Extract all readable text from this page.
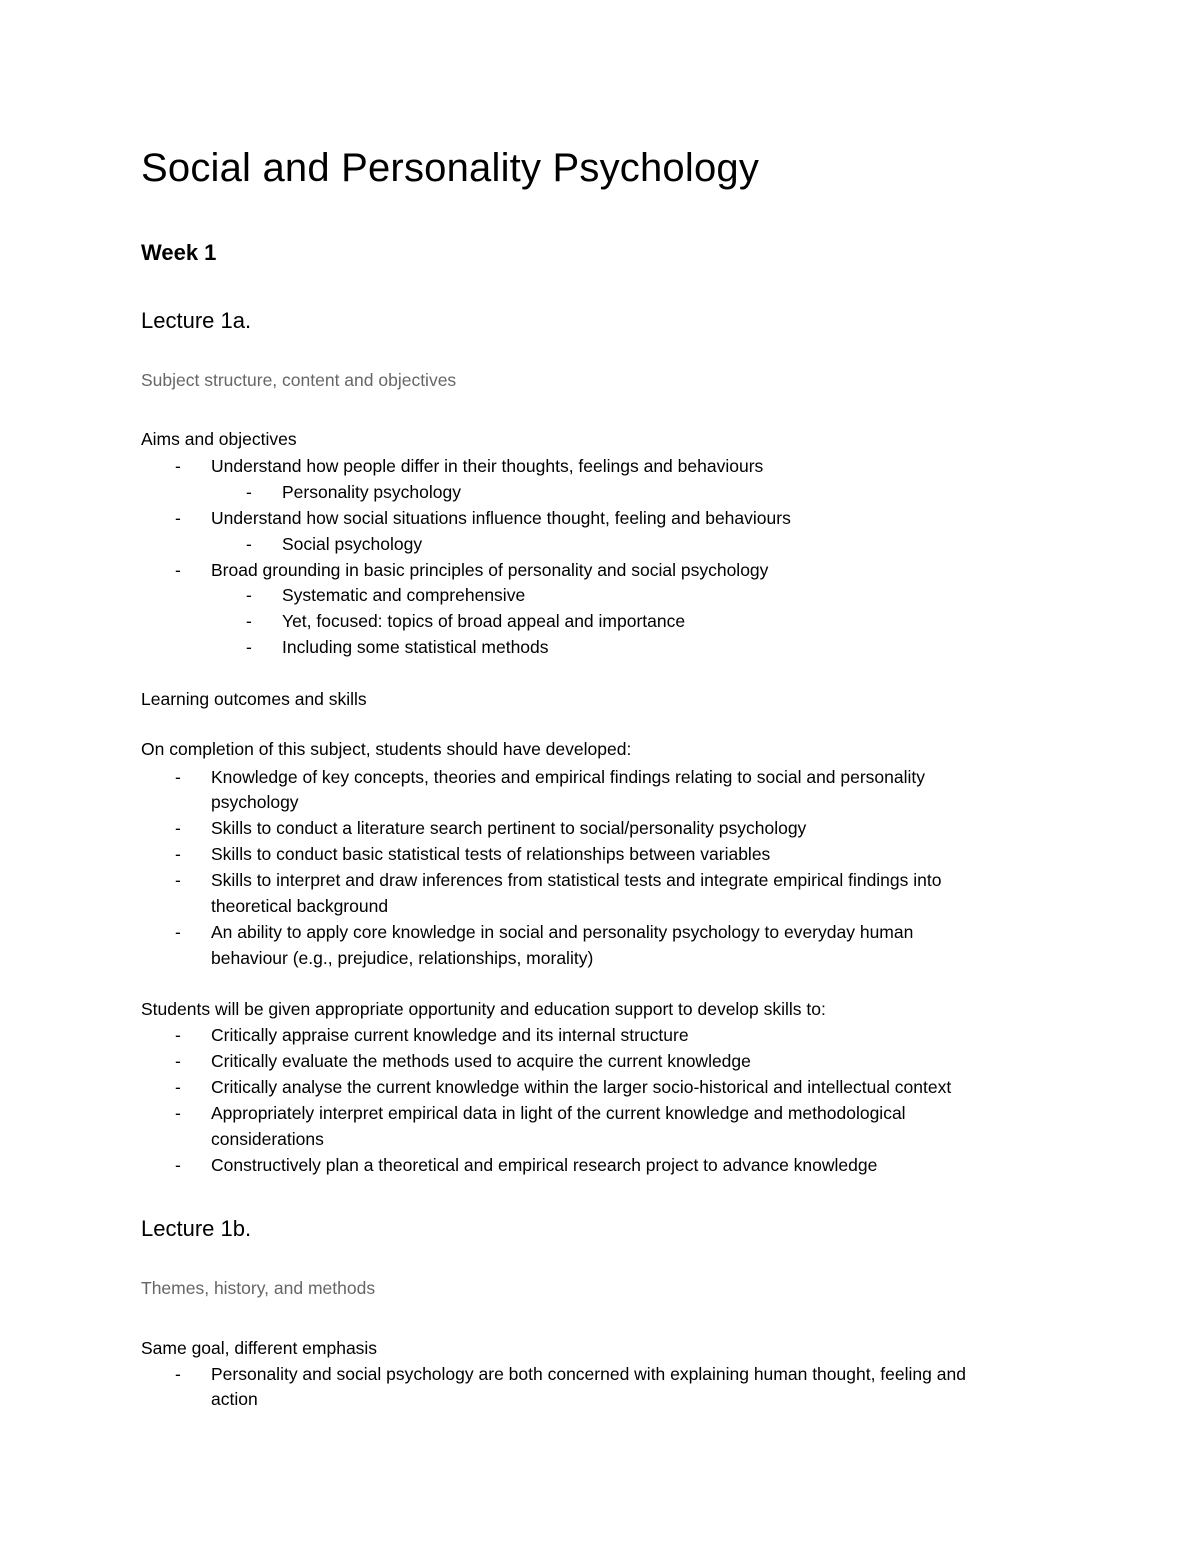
Social and Personality Psychology
Week 1
Lecture 1a.

Subject structure, content and objectives

Aims and objectives

-	Understand how people differ in their thoughts, feelings and behaviours
-	Personality psychology
-	Understand how social situations influence thought, feeling and behaviours
-	Social psychology
-	Broad grounding in basic principles of personality and social psychology
-	Systematic and comprehensive
-	Yet, focused: topics of broad appeal and importance
-	Including some statistical methods

Learning outcomes and skills

On completion of this subject, students should have developed:

-	Knowledge of key concepts, theories and empirical findings relating to social and personality
psychology
-	Skills to conduct a literature search pertinent to social/personality psychology
-	Skills to conduct basic statistical tests of relationships between variables
-	Skills to interpret and draw inferences from statistical tests and integrate empirical findings into
theoretical background
-	An ability to apply core knowledge in social and personality psychology to everyday human
behaviour (e.g., prejudice, relationships, morality)

Students will be given appropriate opportunity and education support to develop skills to:

-	Critically appraise current knowledge and its internal structure
-	Critically evaluate the methods used to acquire the current knowledge
-	Critically analyse the current knowledge within the larger socio-historical and intellectual context
-	Appropriately interpret empirical data in light of the current knowledge and methodological
considerations
-	Constructively plan a theoretical and empirical research project to advance knowledge
Lecture 1b.

Themes, history, and methods

Same goal, different emphasis

-	Personality and social psychology are both concerned with explaining human thought, feeling and
action
